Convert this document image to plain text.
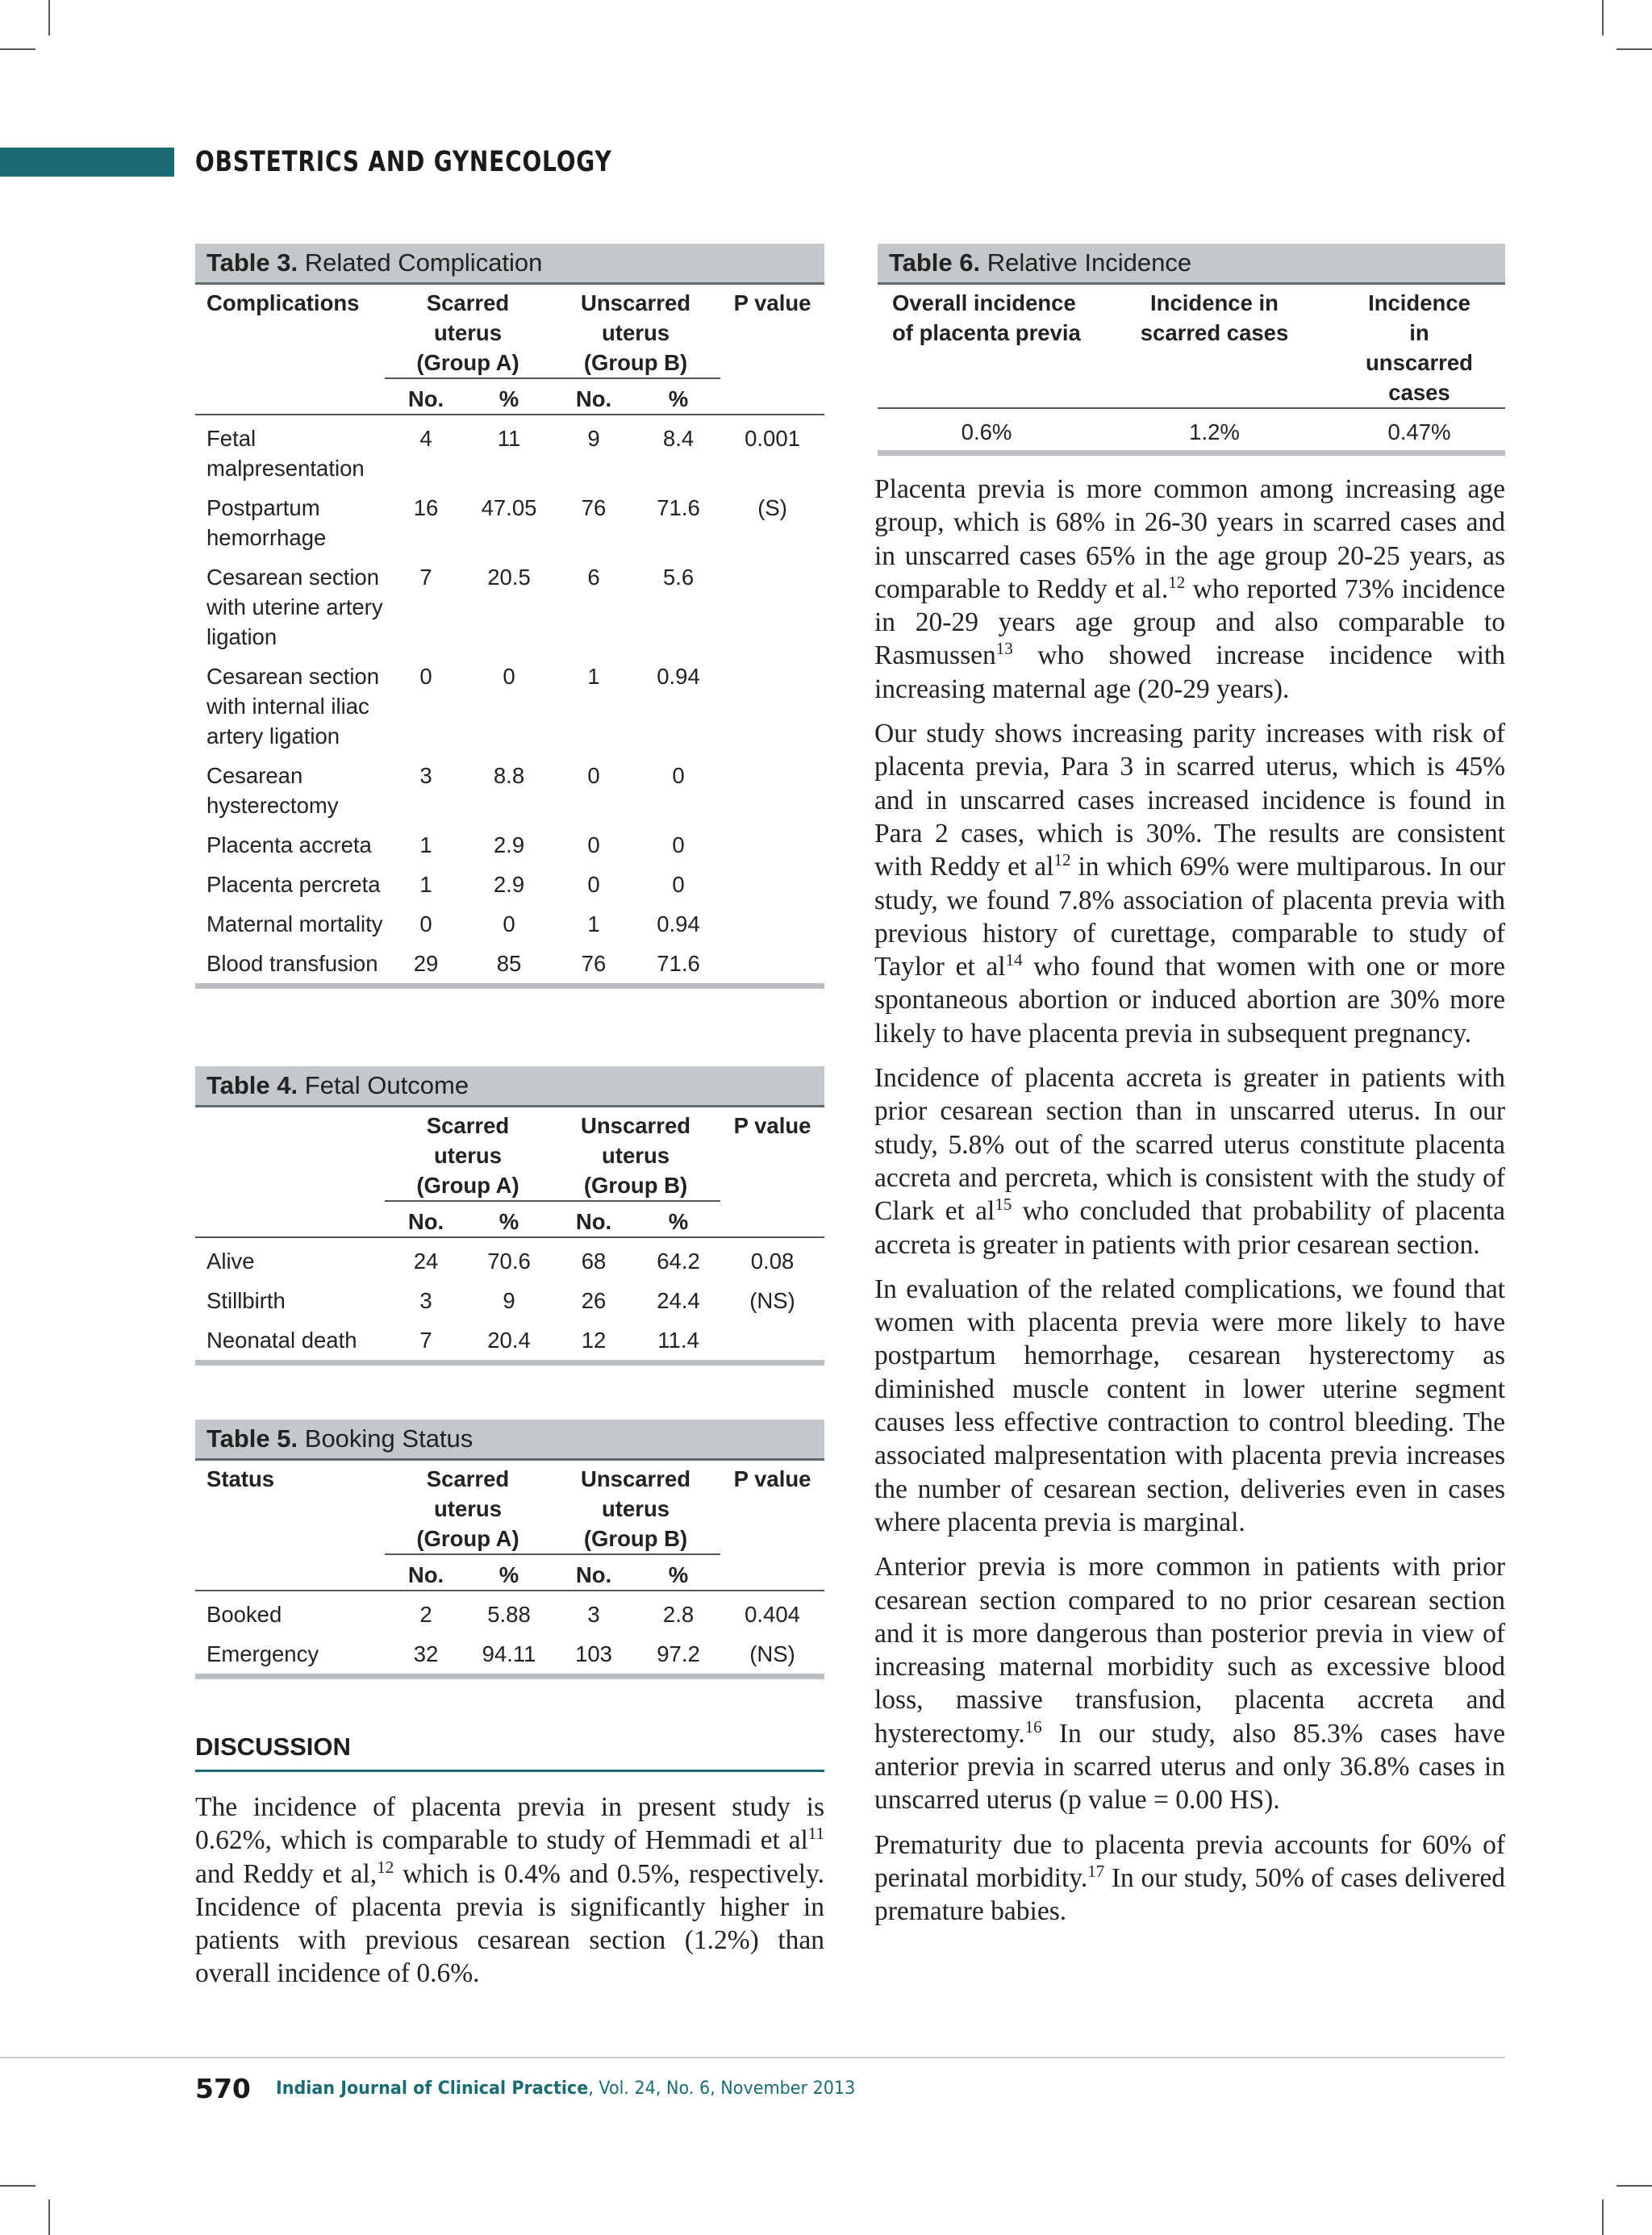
OBSTETRICS AND GYNECOLOGY
Table 3. Related Complication
Complications	Scarred uterus (Group A)		Unscarred uterus (Group B)		P value
	No.	%	No.	%	
Fetal malpresentation	4	11	9	8.4	0.001
Postpartum hemorrhage	16	47.05	76	71.6	(S)
Cesarean section with uterine artery ligation	7	20.5	6	5.6	
Cesarean section with internal iliac artery ligation	0	0	1	0.94	
Cesarean hysterectomy	3	8.8	0	0	
Placenta accreta	1	2.9	0	0	
Placenta percreta	1	2.9	0	0	
Maternal mortality	0	0	1	0.94	
Blood transfusion	29	85	76	71.6	
Table 4. Fetal Outcome
	Scarred uterus (Group A)		Unscarred uterus (Group B)		P value
	No.	%	No.	%	
Alive	24	70.6	68	64.2	0.08
Stillbirth	3	9	26	24.4	(NS)
Neonatal death	7	20.4	12	11.4	
Table 5. Booking Status
Status	Scarred uterus (Group A)		Unscarred uterus (Group B)		P value
	No.	%	No.	%	
Booked	2	5.88	3	2.8	0.404
Emergency	32	94.11	103	97.2	(NS)
Table 6. Relative Incidence
Overall incidence of placenta previa	Incidence in scarred cases	Incidence in unscarred cases
0.6%	1.2%	0.47%
DISCUSSION

The incidence of placenta previa in present study is 0.62%, which is comparable to study of Hemmadi et $al^{11}$ and Reddy et al,$^{12}$ which is 0.4% and 0.5%, respectively. Incidence of placenta previa is significantly higher in patients with previous cesarean section (1.2%) than overall incidence of 0.6%.

Placenta previa is more common among increasing age group, which is 68% in 26-30 years in scarred cases and in unscarred cases 65% in the age group 20-25 years, as comparable to Reddy et al.$^{12}$ who reported 73% incidence in 20-29 years age group and also comparable to Rasmussen$^{13}$ who showed increase incidence with increasing maternal age (20-29 years).

Our study shows increasing parity increases with risk of placenta previa, Para 3 in scarred uterus, which is 45% and in unscarred cases increased incidence is found in Para 2 cases, which is 30%. The results are consistent with Reddy et $al^{12}$ in which 69% were multiparous. In our study, we found 7.8% association of placenta previa with previous history of curettage, comparable to study of Taylor et $al^{14}$ who found that women with one or more spontaneous abortion or induced abortion are 30% more likely to have placenta previa in subsequent pregnancy.

Incidence of placenta accreta is greater in patients with prior cesarean section than in unscarred uterus. In our study, 5.8% out of the scarred uterus constitute placenta accreta and percreta, which is consistent with the study of Clark et $al^{15}$ who concluded that probability of placenta accreta is greater in patients with prior cesarean section.

In evaluation of the related complications, we found that women with placenta previa were more likely to have postpartum hemorrhage, cesarean hysterectomy as diminished muscle content in lower uterine segment causes less effective contraction to control bleeding. The associated malpresentation with placenta previa increases the number of cesarean section, deliveries even in cases where placenta previa is marginal.

Anterior previa is more common in patients with prior cesarean section compared to no prior cesarean section and it is more dangerous than posterior previa in view of increasing maternal morbidity such as excessive blood loss, massive transfusion, placenta accreta and hysterectomy.$^{16}$ In our study, also 85.3% cases have anterior previa in scarred uterus and only 36.8% cases in unscarred uterus (p value = 0.00 HS).

Prematurity due to placenta previa accounts for 60% of perinatal morbidity.$^{17}$ In our study, 50% of cases delivered premature babies.

570 Indian Journal of Clinical Practice, Vol. 24, No. 6, November 2013
